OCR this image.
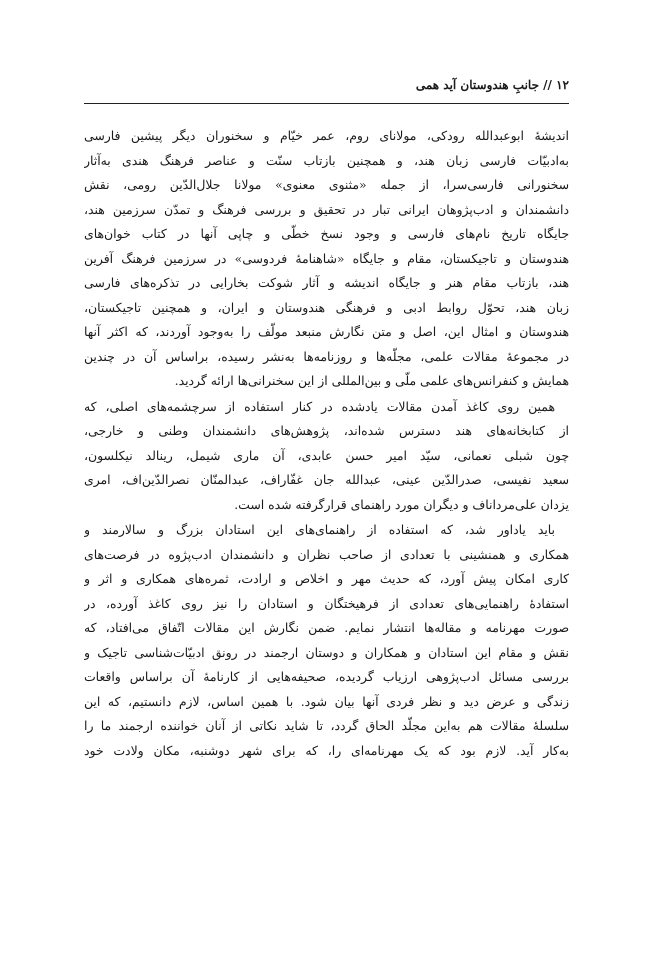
۱۲ // جانبِ هندوستان آید همی

اندیشهٔ ابوعبدالله رودکی، مولانای روم، عمر خیّام و سخنوران دیگر پیشین فارسی
به‌ادبیّات فارسی زبان هند، و همچنین بازتاب سنّت و عناصر فرهنگ هندی به‌آثار
سخنورانی فارسی‌سرا، از جمله «مثنوی معنوی» مولانا جلال‌الدّین رومی، نقش
دانشمندان و ادب‌پژوهان ایرانی تبار در تحقیق و بررسی فرهنگ و تمدّن سرزمین هند،
جایگاه تاریخ نام‌های فارسی و وجود نسخ خطّی و چاپی آنها در کتاب خوان‌های
هندوستان و تاجیکستان، مقام و جایگاه «شاهنامهٔ فردوسی» در سرزمین فرهنگ آفرین
هند، بازتاب مقام هنر و جایگاه اندیشه و آثار شوکت بخارایی در تذکره‌های فارسی
زبان هند، تحوّل روابط ادبی و فرهنگی هندوستان و ایران، و همچنین تاجیکستان،
هندوستان و امثال این، اصل و متن نگارش منبعد مولّف را به‌وجود آوردند، که اکثر آنها
در مجموعهٔ مقالات علمی، مجلّه‌ها و روزنامه‌ها به‌نشر رسیده، براساس آن در چندین
همایش و کنفرانس‌های علمی ملّی و بین‌المللی از این سخنرانی‌ها ارائه گردید.

همین روی کاغذ آمدن مقالات یادشده در کنار استفاده از سرچشمه‌های اصلی، که
از کتابخانه‌های هند دسترس شده‌اند، پژوهش‌های دانشمندان وطنی و خارجی،
چون شبلی نعمانی، سیّد امیر حسن عابدی، آن ماری شیمل، رینالد نیکلسون،
سعید نفیسی، صدرالدّین عینی، عبدالله جان غفّاراف، عبدالمنّان نصرالدّین‌اف، امری
یزدان علی‌مرداناف و دیگران مورد راهنمای قرارگرفته شده است.

باید یاداور شد، که استفاده از راهنمای‌های این استادان بزرگ و سالارمند و
همکاری و همنشینی با تعدادی از صاحب نظران و دانشمندان ادب‌پژوه در فرصت‌های
کاری امکان پیش آورد، که حدیث مهر و اخلاص و ارادت، ثمره‌های همکاری و اثر و
استفادهٔ راهنمایی‌های تعدادی از فرهیختگان و استادان را نیز روی کاغذ آورده، در
صورت مهرنامه و مقاله‌ها انتشار نمایم. ضمن نگارش این مقالات اتّفاق می‌افتاد، که
نقش و مقام این استادان و همکاران و دوستان ارجمند در رونق ادبیّات‌شناسی تاجیک و
بررسی مسائل ادب‌پژوهی ارزیاب گردیده، صحیفه‌هایی از کارنامهٔ آن براساس واقعات
زندگی و عرض دید و نظر فردی آنها بیان شود. با همین اساس، لازم دانستیم، که این
سلسلهٔ مقالات هم به‌این مجلّد الحاق گردد، تا شاید نکاتی از آنان خواننده ارجمند ما را
به‌کار آید. لازم بود که یک مهرنامه‌ای را، که برای شهر دوشنبه، مکان ولادت خود
